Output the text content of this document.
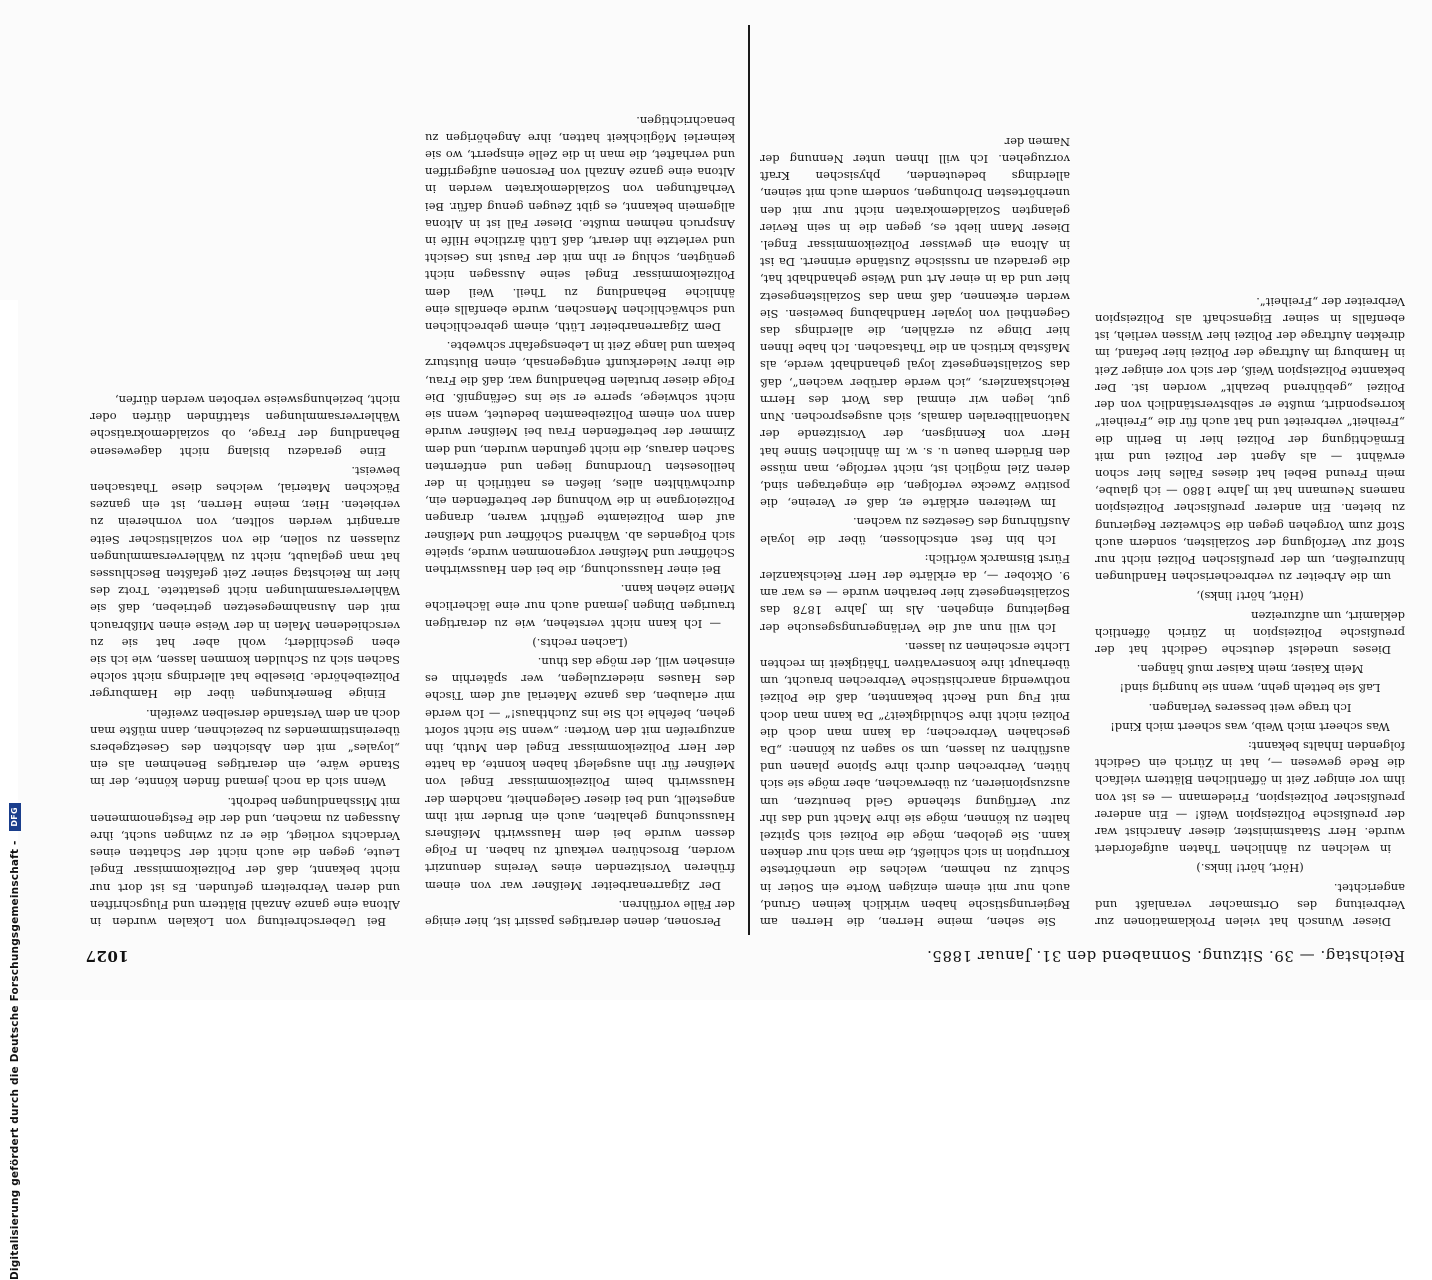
Digitalisierung gefördert durch die Deutsche Forschungsgemeinschaft - DFG
Reichstag. — 39. Sitzung. Sonnabend den 31. Januar 1885.
1027

Dieser Wunsch hat vielen Proklamationen zur Verbreitung des Ortsmacher veranlaßt und angerichtet.

(Hört, hört! links.)

in welchen zu ähnlichen Thaten aufgefordert wurde. Herr Staatsminister, dieser Anarchist war der preußische Polizeispion Weiß! — Ein anderer preußischer Polizeispion, Friedemann — es ist von ihm vor einiger Zeit in öffentlichen Blättern vielfach die Rede gewesen —, hat in Zürich ein Gedicht folgenden Inhalts bekannt:

Was scheert mich Weib, was scheert mich Kind!

Ich trage weit besseres Verlangen.

Laß sie betteln gehn, wenn sie hungrig sind!

Mein Kaiser, mein Kaiser muß hängen.

Dieses unedelst deutsche Gedicht hat der preußische Polizeispion in Zürich öffentlich deklamirt, um aufzureizen

(Hört, hört! links),

um die Arbeiter zu verbrecherischen Handlungen hinzureißen, um der preußischen Polizei nicht nur Stoff zur Verfolgung der Sozialisten, sondern auch Stoff zum Vorgehen gegen die Schweizer Regierung zu bieten. Ein anderer preußischer Polizeispion namens Neumann hat im Jahre 1880 — ich glaube, mein Freund Bebel hat dieses Falles hier schon erwähnt — als Agent der Polizei und mit Ermächtigung der Polizei hier in Berlin die „Freiheit“ verbreitet und hat auch für die „Freiheit“ korrespondirt, mußte er selbstverständlich von der Polizei „gebührend bezahlt“ worden ist. Der bekannte Polizeispion Weiß, der sich vor einiger Zeit in Hamburg im Auftrage der Polizei hier befand, im direkten Auftrage der Polizei hier Wissen verlieh, ist ebenfalls in seiner Eigenschaft als Polizeispion Verbreiter der „Freiheit“.

Sie sehen, meine Herren, die Herren am Regierungstische haben wirklich keinen Grund, auch nur mit einem einzigen Worte ein Sotier in Schutz zu nehmen, welches die unerhörteste Korruption in sich schließt, die man sich nur denken kann. Sie geloben, möge die Polizei sich Spitzel halten zu können, möge sie ihre Macht und das ihr zur Verfügung stehende Geld benutzen, um auszuspionieren, zu überwachen, aber möge sie sich hüten, Verbrechen durch ihre Spione planen und ausführen zu lassen, um so sagen zu können: „Da geschahen Verbrechen; da kann man doch die Polizei nicht ihre Schuldigkeit?“ Da kann man doch mit Fug und Recht bekannten, daß die Polizei nothwendig anarchistische Verbrechen braucht, um überhaupt ihre konservativen Thätigkeit im rechten Lichte erscheinen zu lassen.

Ich will nun auf die Verlängerungsgesuche der Begleitung eingehen. Als im Jahre 1878 das Sozialistengesetz hier berathen wurde — es war am 9. Oktober —, da erklärte der Herr Reichskanzler Fürst Bismarck wörtlich:

Ich bin fest entschlossen, über die loyale Ausführung des Gesetzes zu wachen.

Im Weiteren erklärte er, daß er Vereine, die positive Zwecke verfolgen, die eingetragen sind, deren Ziel möglich ist, nicht verfolge, man müsse den Brüdern bauen u. s. w. Im ähnlichen Sinne hat Herr von Kennigsen, der Vorsitzende der Nationalliberalen damals, sich ausgesprochen. Nun gut, legen wir einmal das Wort des Herrn Reichskanzlers, „ich werde darüber wachen“, daß das Sozialistengesetz loyal gehandhabt werde, als Maßstab kritisch an die Thatsachen. Ich habe Ihnen hier Dinge zu erzählen, die allerdings das Gegentheil von loyaler Handhabung beweisen. Sie werden erkennen, daß man das Sozialistengesetz hier und da in einer Art und Weise gehandhabt hat, die geradezu an russische Zustände erinnert. Da ist in Altona ein gewisser Polizeikommissar Engel. Dieser Mann liebt es, gegen die in sein Revier gelangten Sozialdemokraten nicht nur mit den unerhörtesten Drohungen, sondern auch mit seinen, allerdings bedeutenden, physischen Kraft vorzugehen. Ich will Ihnen unter Nennung der Namen der

Personen, denen derartiges passirt ist, hier einige der Fälle vorführen.

Der Zigarrenarbeiter Meißner war von einem früheren Vorsitzenden eines Vereins denunzirt worden, Broschüren verkauft zu haben. In Folge dessen wurde bei dem Hausswirth Meißners Haussuchung gehalten, auch ein Bruder mit ihm angestellt, und bei dieser Gelegenheit, nachdem der Hausswirth beim Polizeikommissar Engel von Meißner für ihn ausgelegt haben konnte, da hatte der Herr Polizeikommissar Engel den Muth, ihn anzugreifen mit den Worten: „wenn Sie nicht sofort gehen, befehle ich Sie ins Zuchthaus!“ — Ich werde mir erlauben, das ganze Material auf dem Tische des Hauses niederzulegen, wer späterhin es einsehen will, der möge das thun.

(Lachen rechts.)

— Ich kann nicht verstehen, wie zu derartigen traurigen Dingen jemand auch nur eine lächerliche Miene ziehen kann.

Bei einer Haussuchung, die bei den Hausswirthen Schöffner und Meißner vorgenommen wurde, spielte sich Folgendes ab. Während Schöffner und Meißner auf dem Polizeiamte geführt waren, drangen Polizeiorgane in die Wohnung der betreffenden ein, durchwühlten alles, ließen es natürlich in der heillosesten Unordnung liegen und entfernten Sachen daraus, die nicht gefunden wurden, und dem Zimmer der betreffenden Frau bei Meißner wurde dann von einem Polizeibeamten bedeutet, wenn sie nicht schwiege, sperre er sie ins Gefängniß. Die Folge dieser brutalen Behandlung war, daß die Frau, die ihrer Niederkunft entgegensah, einen Blutsturz bekam und lange Zeit in Lebensgefahr schwebte.

Dem Zigarrenarbeiter Lüth, einem gebrechlichen und schwächlichen Menschen, wurde ebenfalls eine ähnliche Behandlung zu Theil. Weil dem Polizeikommissar Engel seine Aussagen nicht genügten, schlug er ihn mit der Faust ins Gesicht und verletzte ihn derart, daß Lüth ärztliche Hilfe in Anspruch nehmen mußte. Dieser Fall ist in Altona allgemein bekannt, es gibt Zeugen genug dafür. Bei Verhaftungen von Sozialdemokraten werden in Altona eine ganze Anzahl von Personen aufgegriffen und verhaftet, die man in die Zelle einsperrt, wo sie keinerlei Möglichkeit hatten, ihre Angehörigen zu benachrichtigen.

Bei Ueberschreitung von Lokalen wurden in Altona eine ganze Anzahl Blättern und Flugschriften und deren Verbreitern gefunden. Es ist dort nur nicht bekannt, daß der Polizeikommissar Engel Leute, gegen die auch nicht der Schatten eines Verdachts vorliegt, die er zu zwingen sucht, ihre Aussagen zu machen, und der die Festgenommenen mit Misshandlungen bedroht.

Wenn sich da noch jemand finden könnte, der im Stande wäre, ein derartiges Benehmen als ein „loyales“ mit den Absichten des Gesetzgebers übereinstimmendes zu bezeichnen, dann müßte man doch an dem Verstande derselben zweifeln.

Einige Bemerkungen über die Hamburger Polizeibehörde. Dieselbe hat allerdings nicht solche Sachen sich zu Schulden kommen lassen, wie ich sie eben geschildert; wohl aber hat sie zu verschiedenen Malen in der Weise einen Mißbrauch mit den Ausnahmegesetzen getrieben, daß sie Wählerversammlungen nicht gestattete. Trotz des hier im Reichstag seiner Zeit gefaßten Beschlusses hat man geglaubt, nicht zu Wählerversammlungen zulassen zu sollen, die von sozialistischer Seite arrangirt werden sollten, von vornherein zu verbieten. Hier, meine Herren, ist ein ganzes Päckchen Material, welches diese Thatsachen beweist.

Eine geradezu bislang nicht dagewesene Behandlung der Frage, ob sozialdemokratische Wählerversammlungen stattfinden dürfen oder nicht, beziehungsweise verboten werden dürfen,
